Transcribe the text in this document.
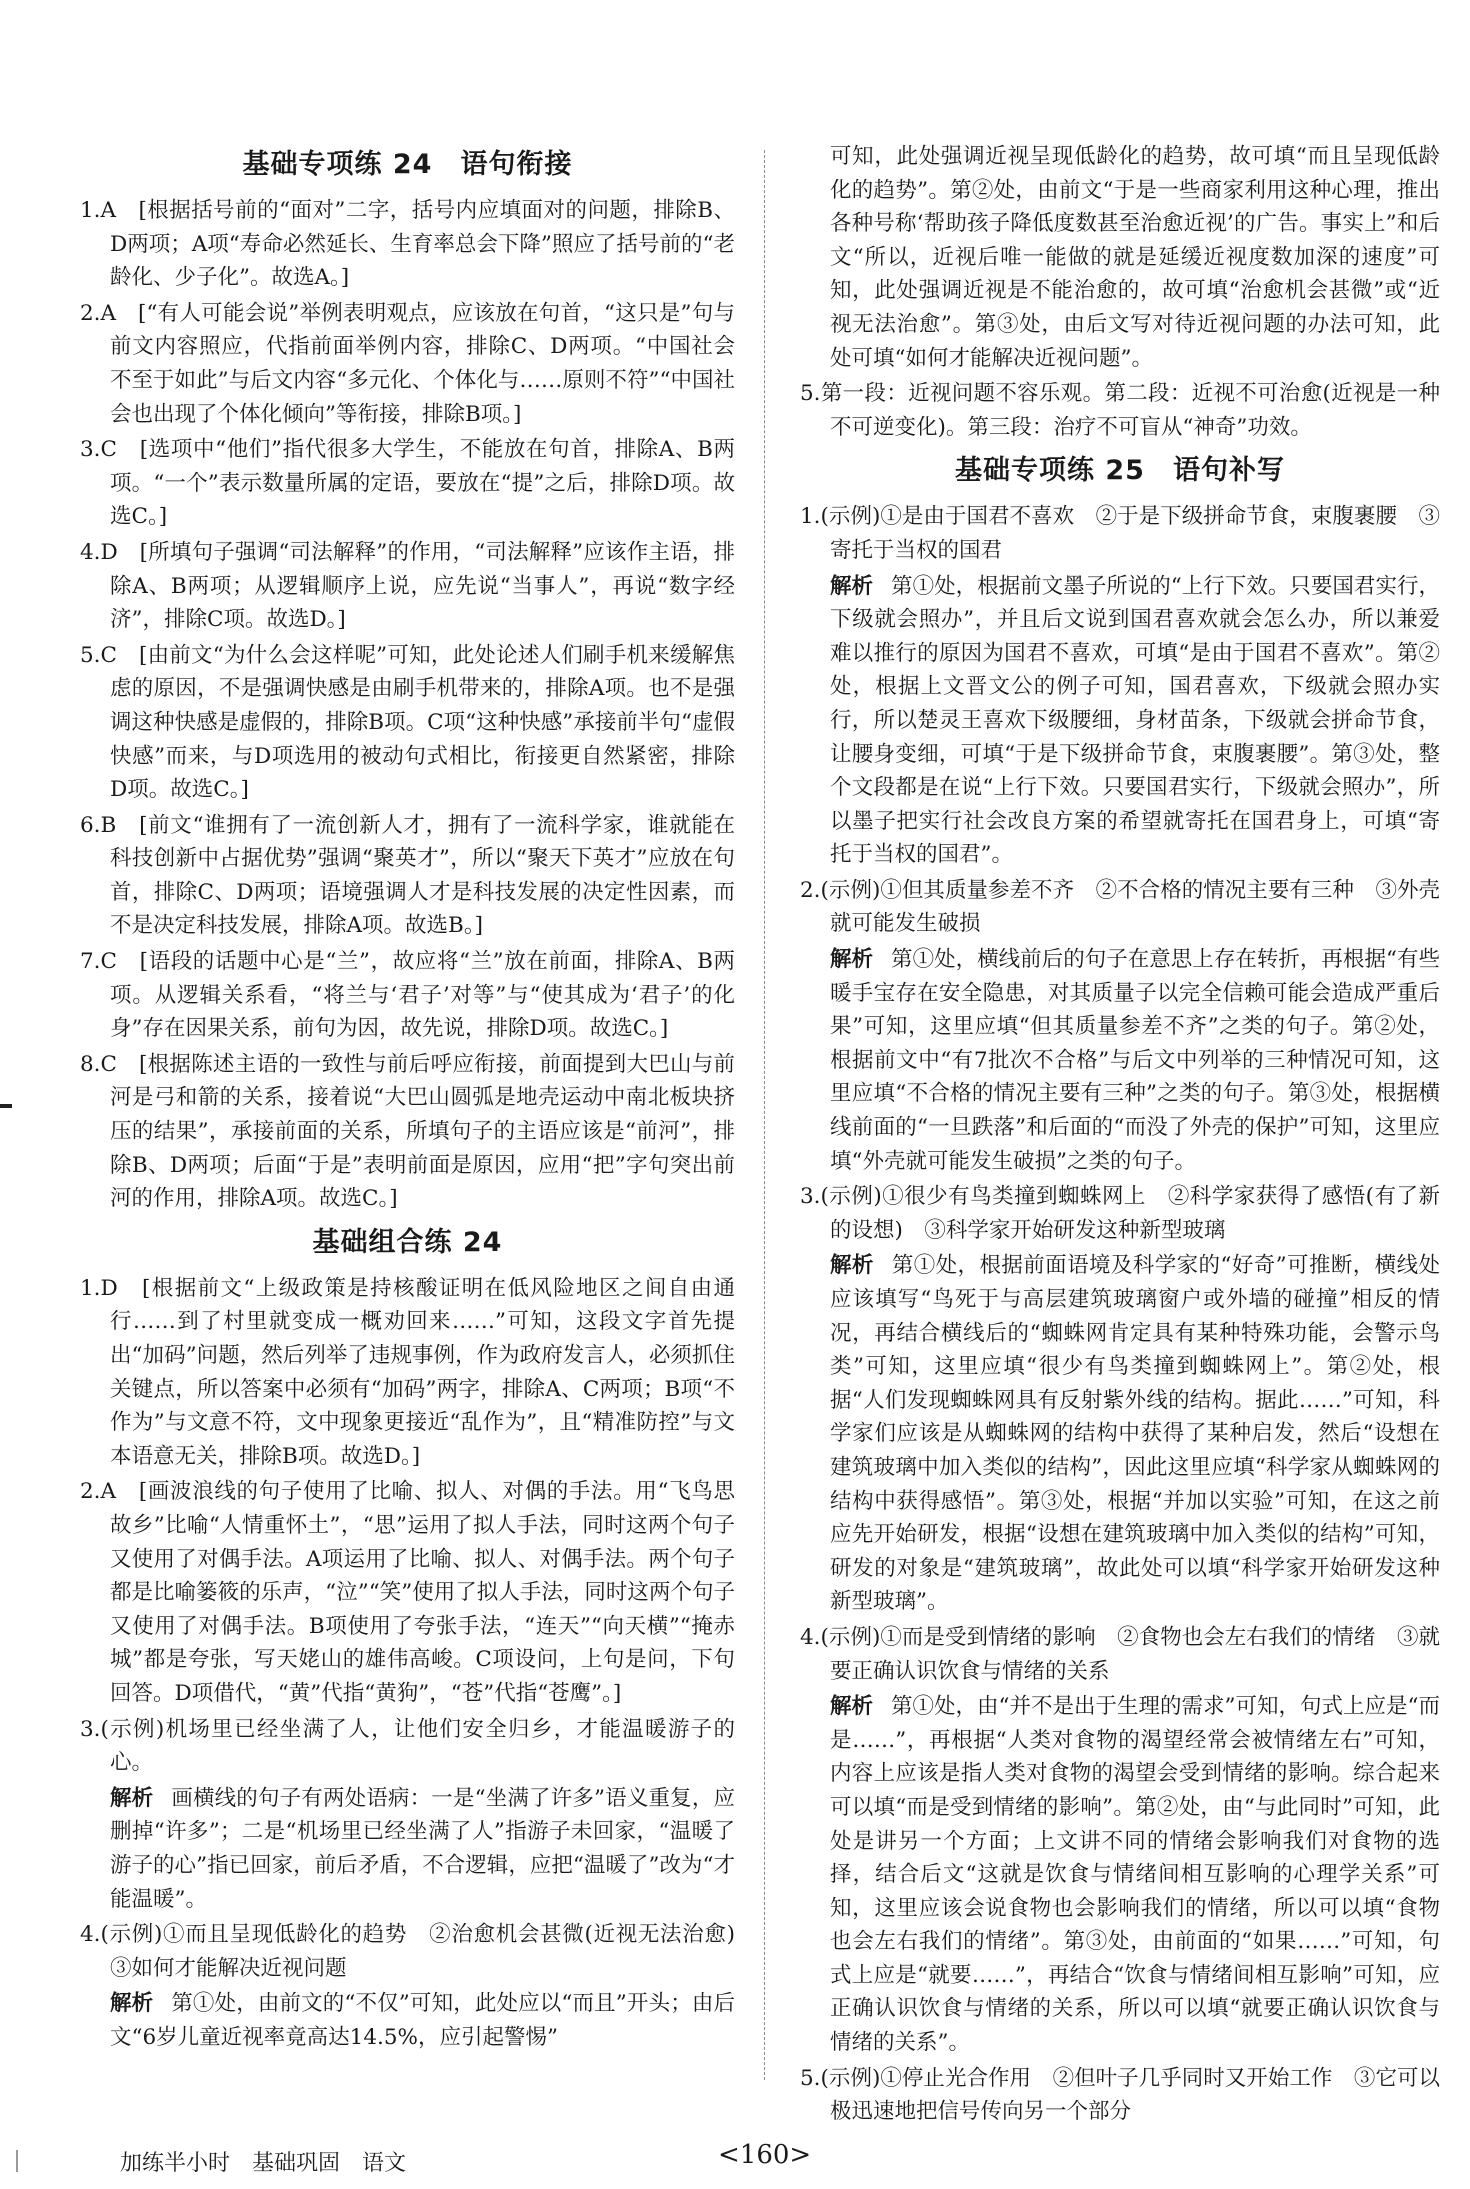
基础专项练 24　语句衔接

1.A　[根据括号前的“面对”二字，括号内应填面对的问题，排除B、D两项；A项“寿命必然延长、生育率总会下降”照应了括号前的“老龄化、少子化”。故选A。]

2.A　[“有人可能会说”举例表明观点，应该放在句首，“这只是”句与前文内容照应，代指前面举例内容，排除C、D两项。“中国社会不至于如此”与后文内容“多元化、个体化与……原则不符”“中国社会也出现了个体化倾向”等衔接，排除B项。]

3.C　[选项中“他们”指代很多大学生，不能放在句首，排除A、B两项。“一个”表示数量所属的定语，要放在“提”之后，排除D项。故选C。]

4.D　[所填句子强调“司法解释”的作用，“司法解释”应该作主语，排除A、B两项；从逻辑顺序上说，应先说“当事人”，再说“数字经济”，排除C项。故选D。]

5.C　[由前文“为什么会这样呢”可知，此处论述人们刷手机来缓解焦虑的原因，不是强调快感是由刷手机带来的，排除A项。也不是强调这种快感是虚假的，排除B项。C项“这种快感”承接前半句“虚假快感”而来，与D项选用的被动句式相比，衔接更自然紧密，排除D项。故选C。]

6.B　[前文“谁拥有了一流创新人才，拥有了一流科学家，谁就能在科技创新中占据优势”强调“聚英才”，所以“聚天下英才”应放在句首，排除C、D两项；语境强调人才是科技发展的决定性因素，而不是决定科技发展，排除A项。故选B。]

7.C　[语段的话题中心是“兰”，故应将“兰”放在前面，排除A、B两项。从逻辑关系看，“将兰与‘君子’对等”与“使其成为‘君子’的化身”存在因果关系，前句为因，故先说，排除D项。故选C。]

8.C　[根据陈述主语的一致性与前后呼应衔接，前面提到大巴山与前河是弓和箭的关系，接着说“大巴山圆弧是地壳运动中南北板块挤压的结果”，承接前面的关系，所填句子的主语应该是“前河”，排除B、D两项；后面“于是”表明前面是原因，应用“把”字句突出前河的作用，排除A项。故选C。]

基础组合练 24

1.D　[根据前文“上级政策是持核酸证明在低风险地区之间自由通行……到了村里就变成一概劝回来……”可知，这段文字首先提出“加码”问题，然后列举了违规事例，作为政府发言人，必须抓住关键点，所以答案中必须有“加码”两字，排除A、C两项；B项“不作为”与文意不符，文中现象更接近“乱作为”，且“精准防控”与文本语意无关，排除B项。故选D。]

2.A　[画波浪线的句子使用了比喻、拟人、对偶的手法。用“飞鸟思故乡”比喻“人情重怀土”，“思”运用了拟人手法，同时这两个句子又使用了对偶手法。A项运用了比喻、拟人、对偶手法。两个句子都是比喻篓筱的乐声，“泣”“笑”使用了拟人手法，同时这两个句子又使用了对偶手法。B项使用了夸张手法，“连天”“向天横”“掩赤城”都是夸张，写天姥山的雄伟高峻。C项设问，上句是问，下句回答。D项借代，“黄”代指“黄狗”，“苍”代指“苍鹰”。]

3.(示例)机场里已经坐满了人，让他们安全归乡，才能温暖游子的心。

解析 画横线的句子有两处语病：一是“坐满了许多”语义重复，应删掉“许多”；二是“机场里已经坐满了人”指游子未回家，“温暖了游子的心”指已回家，前后矛盾，不合逻辑，应把“温暖了”改为“才能温暖”。

4.(示例)①而且呈现低龄化的趋势　②治愈机会甚微(近视无法治愈)　③如何才能解决近视问题

解析 第①处，由前文的“不仅”可知，此处应以“而且”开头；由后文“6岁儿童近视率竟高达14.5%，应引起警惕”

可知，此处强调近视呈现低龄化的趋势，故可填“而且呈现低龄化的趋势”。第②处，由前文“于是一些商家利用这种心理，推出各种号称‘帮助孩子降低度数甚至治愈近视’的广告。事实上”和后文“所以，近视后唯一能做的就是延缓近视度数加深的速度”可知，此处强调近视是不能治愈的，故可填“治愈机会甚微”或“近视无法治愈”。第③处，由后文写对待近视问题的办法可知，此处可填“如何才能解决近视问题”。

5.第一段：近视问题不容乐观。第二段：近视不可治愈(近视是一种不可逆变化)。第三段：治疗不可盲从“神奇”功效。

基础专项练 25　语句补写

1.(示例)①是由于国君不喜欢　②于是下级拼命节食，束腹裹腰　③寄托于当权的国君

解析 第①处，根据前文墨子所说的“上行下效。只要国君实行，下级就会照办”，并且后文说到国君喜欢就会怎么办，所以兼爱难以推行的原因为国君不喜欢，可填“是由于国君不喜欢”。第②处，根据上文晋文公的例子可知，国君喜欢，下级就会照办实行，所以楚灵王喜欢下级腰细，身材苗条，下级就会拼命节食，让腰身变细，可填“于是下级拼命节食，束腹裹腰”。第③处，整个文段都是在说“上行下效。只要国君实行，下级就会照办”，所以墨子把实行社会改良方案的希望就寄托在国君身上，可填“寄托于当权的国君”。

2.(示例)①但其质量参差不齐　②不合格的情况主要有三种　③外壳就可能发生破损

解析 第①处，横线前后的句子在意思上存在转折，再根据“有些暖手宝存在安全隐患，对其质量子以完全信赖可能会造成严重后果”可知，这里应填“但其质量参差不齐”之类的句子。第②处，根据前文中“有7批次不合格”与后文中列举的三种情况可知，这里应填“不合格的情况主要有三种”之类的句子。第③处，根据横线前面的“一旦跌落”和后面的“而没了外壳的保护”可知，这里应填“外壳就可能发生破损”之类的句子。

3.(示例)①很少有鸟类撞到蜘蛛网上　②科学家获得了感悟(有了新的设想)　③科学家开始研发这种新型玻璃

解析 第①处，根据前面语境及科学家的“好奇”可推断，横线处应该填写“鸟死于与高层建筑玻璃窗户或外墙的碰撞”相反的情况，再结合横线后的“蜘蛛网肯定具有某种特殊功能，会警示鸟类”可知，这里应填“很少有鸟类撞到蜘蛛网上”。第②处，根据“人们发现蜘蛛网具有反射紫外线的结构。据此……”可知，科学家们应该是从蜘蛛网的结构中获得了某种启发，然后“设想在建筑玻璃中加入类似的结构”，因此这里应填“科学家从蜘蛛网的结构中获得感悟”。第③处，根据“并加以实验”可知，在这之前应先开始研发，根据“设想在建筑玻璃中加入类似的结构”可知，研发的对象是“建筑玻璃”，故此处可以填“科学家开始研发这种新型玻璃”。

4.(示例)①而是受到情绪的影响　②食物也会左右我们的情绪　③就要正确认识饮食与情绪的关系

解析 第①处，由“并不是出于生理的需求”可知，句式上应是“而是……”，再根据“人类对食物的渴望经常会被情绪左右”可知，内容上应该是指人类对食物的渴望会受到情绪的影响。综合起来可以填“而是受到情绪的影响”。第②处，由“与此同时”可知，此处是讲另一个方面；上文讲不同的情绪会影响我们对食物的选择，结合后文“这就是饮食与情绪间相互影响的心理学关系”可知，这里应该会说食物也会影响我们的情绪，所以可以填“食物也会左右我们的情绪”。第③处，由前面的“如果……”可知，句式上应是“就要……”，再结合“饮食与情绪间相互影响”可知，应正确认识饮食与情绪的关系，所以可以填“就要正确认识饮食与情绪的关系”。

5.(示例)①停止光合作用　②但叶子几乎同时又开始工作　③它可以极迅速地把信号传向另一个部分

加练半小时　基础巩固　语文	<160>
